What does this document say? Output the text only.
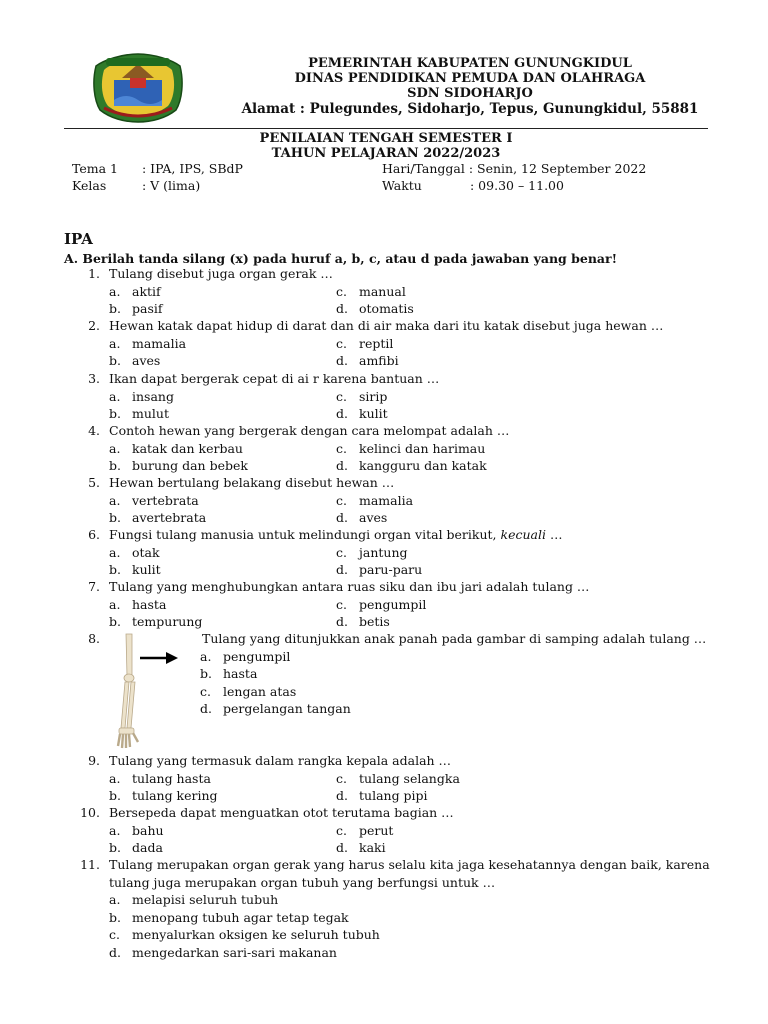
PEMERINTAH KABUPATEN GUNUNGKIDUL

DINAS PENDIDIKAN PEMUDA DAN OLAHRAGA

SDN SIDOHARJO

Alamat : Pulegundes, Sidoharjo, Tepus, Gunungkidul, 55881

PENILAIAN TENGAH SEMESTER I
TAHUN PELAJARAN 2022/2023
Tema 1 : IPA, IPS, SBdP
Kelas	: V (lima)
Hari/Tanggal : Senin, 12 September 2022
Waktu	: 09.30 – 11.00
IPA
A. Berilah tanda silang (x) pada huruf a, b, c, atau d pada jawaban yang benar!
1. Tulang disebut juga organ gerak …
a. aktif	c. manual
b. pasif	d. otomatis
2. Hewan katak dapat hidup di darat dan di air maka dari itu katak disebut juga hewan …
a. mamalia	c. reptil
b. aves	d. amfibi
3. Ikan dapat bergerak cepat di ai r karena bantuan …
a. insang	c. sirip
b. mulut	d. kulit
4. Contoh hewan yang bergerak dengan cara melompat adalah …
a. katak dan kerbau	c. kelinci dan harimau
b. burung dan bebek	d. kangguru dan katak
5. Hewan bertulang belakang disebut hewan …
a. vertebrata	c. mamalia
b. avertebrata	d. aves
6. Fungsi tulang manusia untuk melindungi organ vital berikut, kecuali …
a. otak	c. jantung
b. kulit	d. paru-paru
7. Tulang yang menghubungkan antara ruas siku dan ibu jari adalah tulang …
a. hasta	c. pengumpil
b. tempurung	d. betis
8.	Tulang yang ditunjukkan anak panah pada gambar di samping adalah tulang …
a. pengumpil
b. hasta
c. lengan atas
d. pergelangan tangan
9. Tulang yang termasuk dalam rangka kepala adalah …
a. tulang hasta	c. tulang selangka
b. tulang kering	d. tulang pipi
10. Bersepeda dapat menguatkan otot terutama bagian …
a. bahu	c. perut
b. dada	d. kaki
11. Tulang merupakan organ gerak yang harus selalu kita jaga kesehatannya dengan baik, karena
tulang juga merupakan organ tubuh yang berfungsi untuk …
a. melapisi seluruh tubuh
b. menopang tubuh agar tetap tegak
c. menyalurkan oksigen ke seluruh tubuh
d. mengedarkan sari-sari makanan
